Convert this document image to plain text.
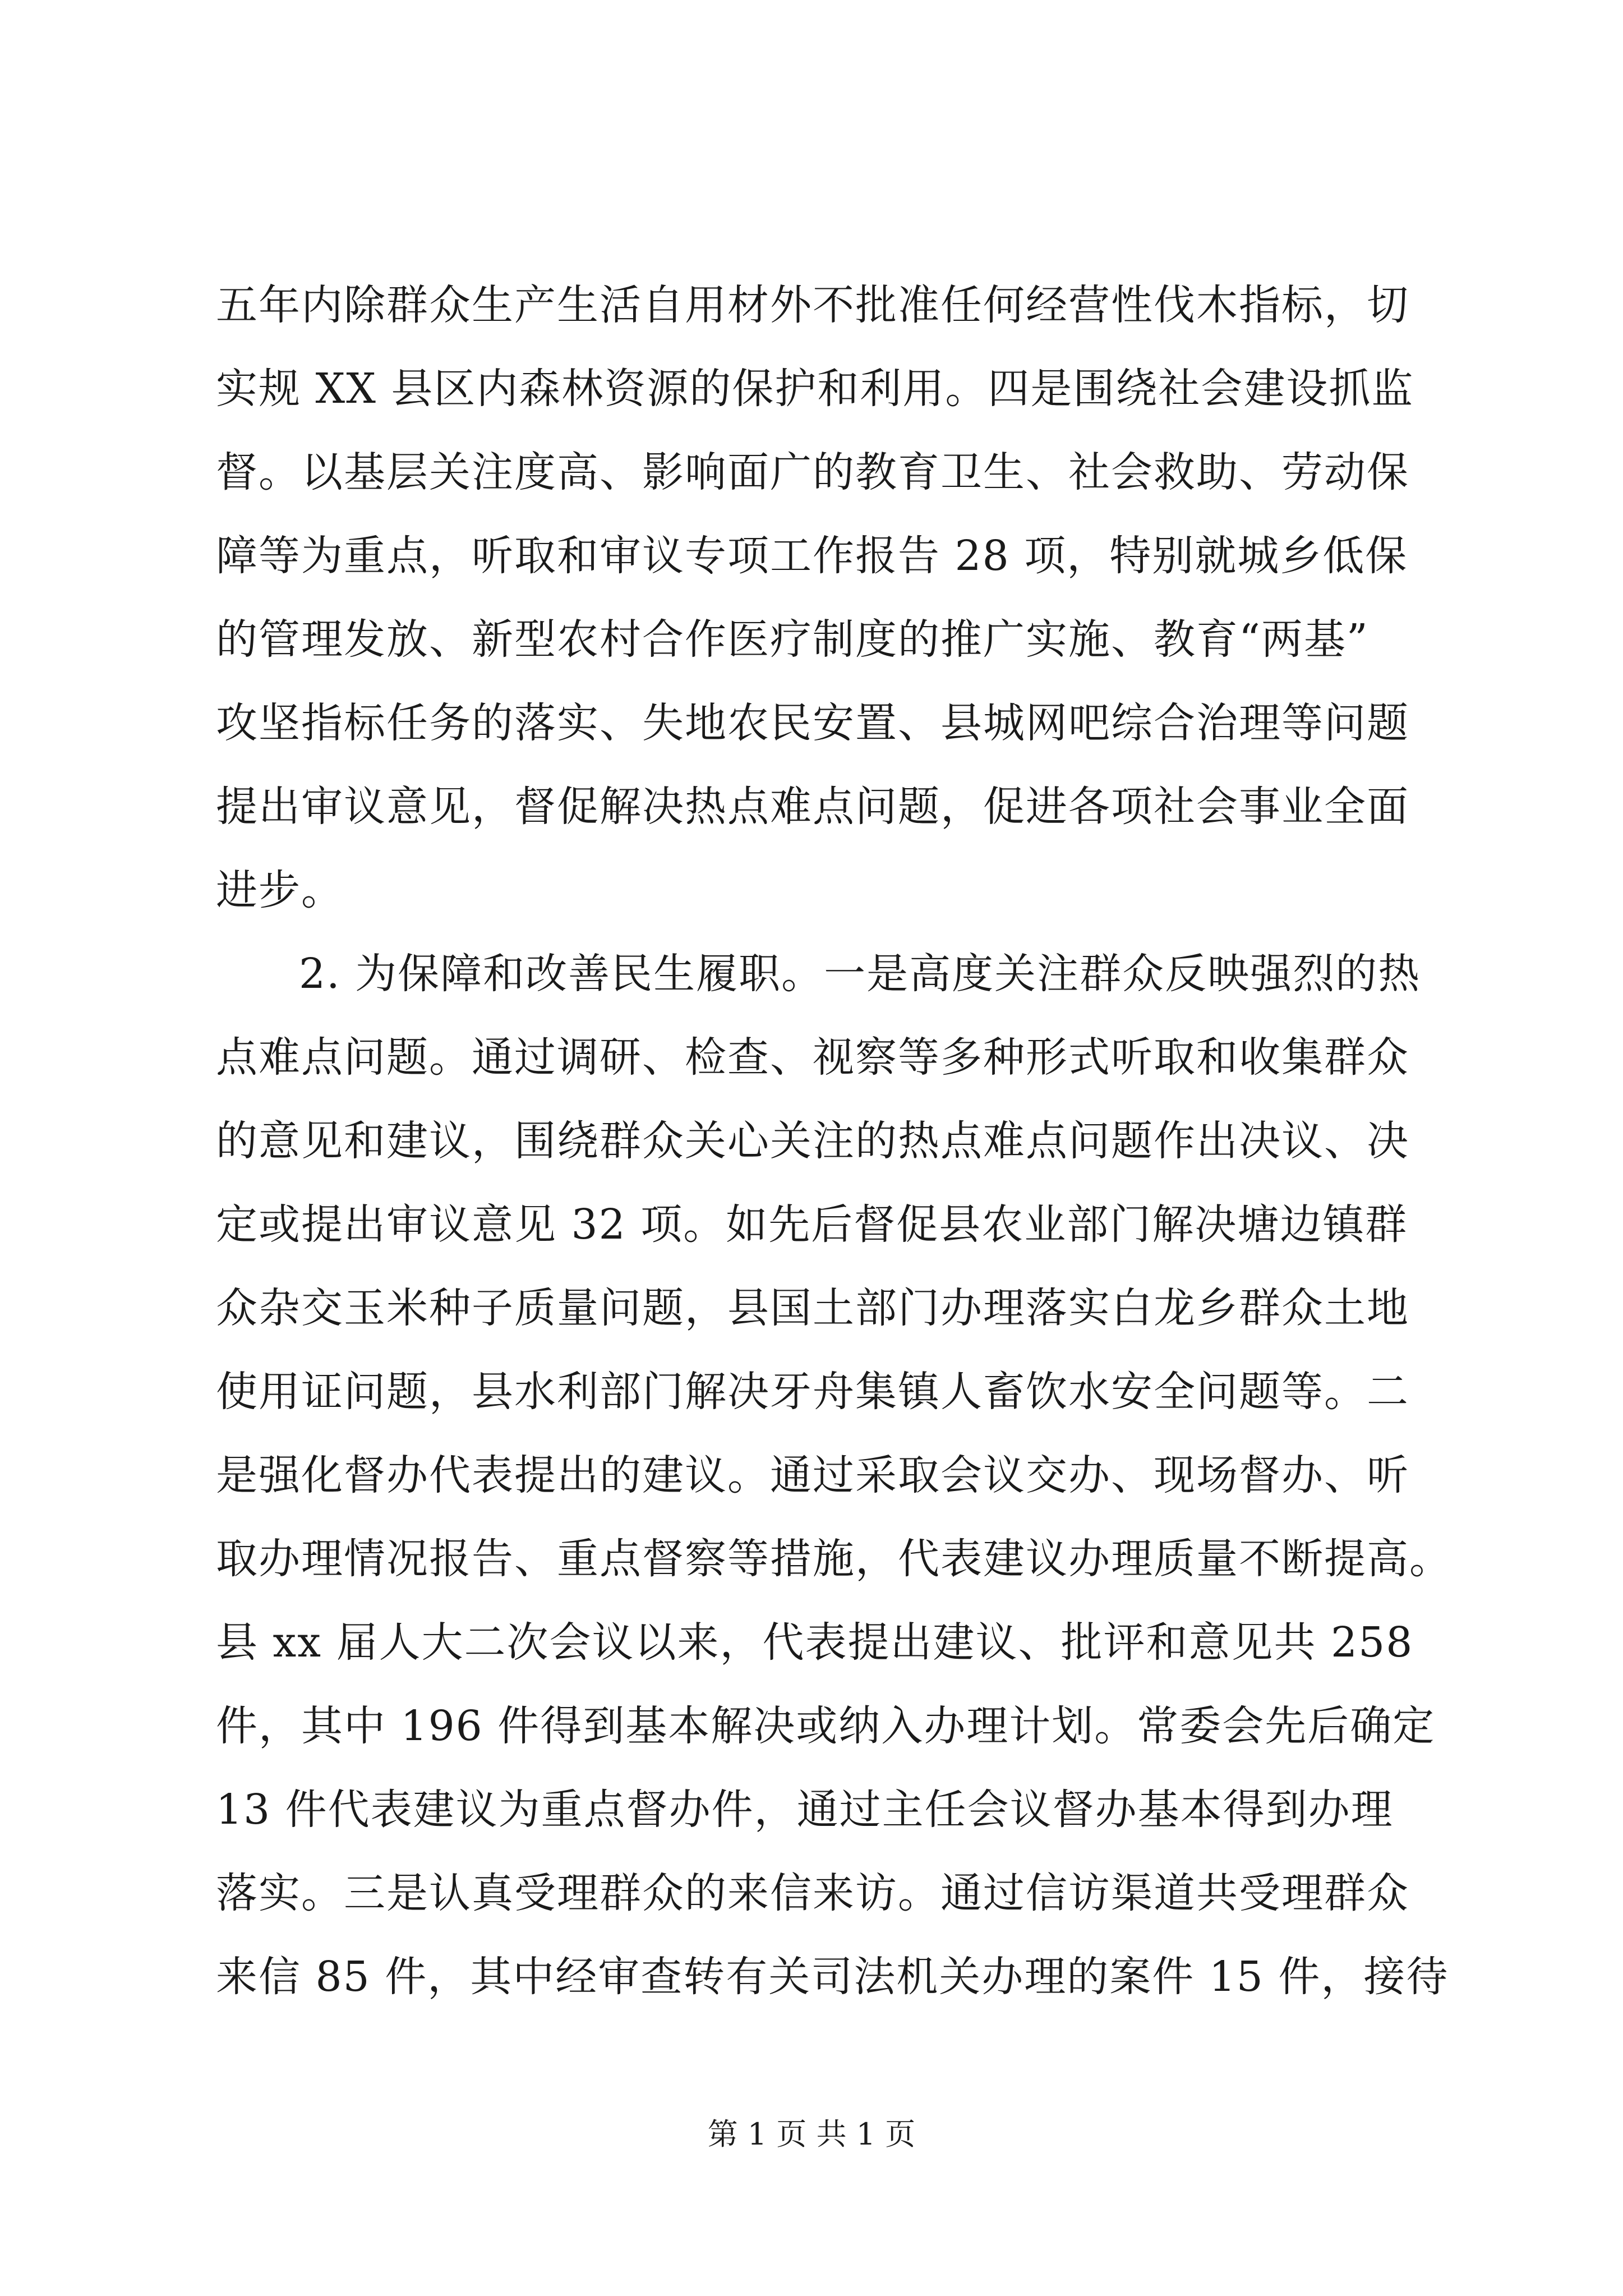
五年内除群众生产生活自用材外不批准任何经营性伐木指标，切
实规 XX 县区内森林资源的保护和利用。四是围绕社会建设抓监
督。以基层关注度高、影响面广的教育卫生、社会救助、劳动保
障等为重点，听取和审议专项工作报告 28 项，特别就城乡低保
的管理发放、新型农村合作医疗制度的推广实施、教育“两基”
攻坚指标任务的落实、失地农民安置、县城网吧综合治理等问题
提出审议意见，督促解决热点难点问题，促进各项社会事业全面
进步。
2. 为保障和改善民生履职。一是高度关注群众反映强烈的热
点难点问题。通过调研、检查、视察等多种形式听取和收集群众
的意见和建议，围绕群众关心关注的热点难点问题作出决议、决
定或提出审议意见 32 项。如先后督促县农业部门解决塘边镇群
众杂交玉米种子质量问题，县国土部门办理落实白龙乡群众土地
使用证问题，县水利部门解决牙舟集镇人畜饮水安全问题等。二
是强化督办代表提出的建议。通过采取会议交办、现场督办、听
取办理情况报告、重点督察等措施，代表建议办理质量不断提高。
县 xx 届人大二次会议以来，代表提出建议、批评和意见共 258
件，其中 196 件得到基本解决或纳入办理计划。常委会先后确定
13 件代表建议为重点督办件，通过主任会议督办基本得到办理
落实。三是认真受理群众的来信来访。通过信访渠道共受理群众
来信 85 件，其中经审查转有关司法机关办理的案件 15 件，接待
第 1 页 共 1 页
